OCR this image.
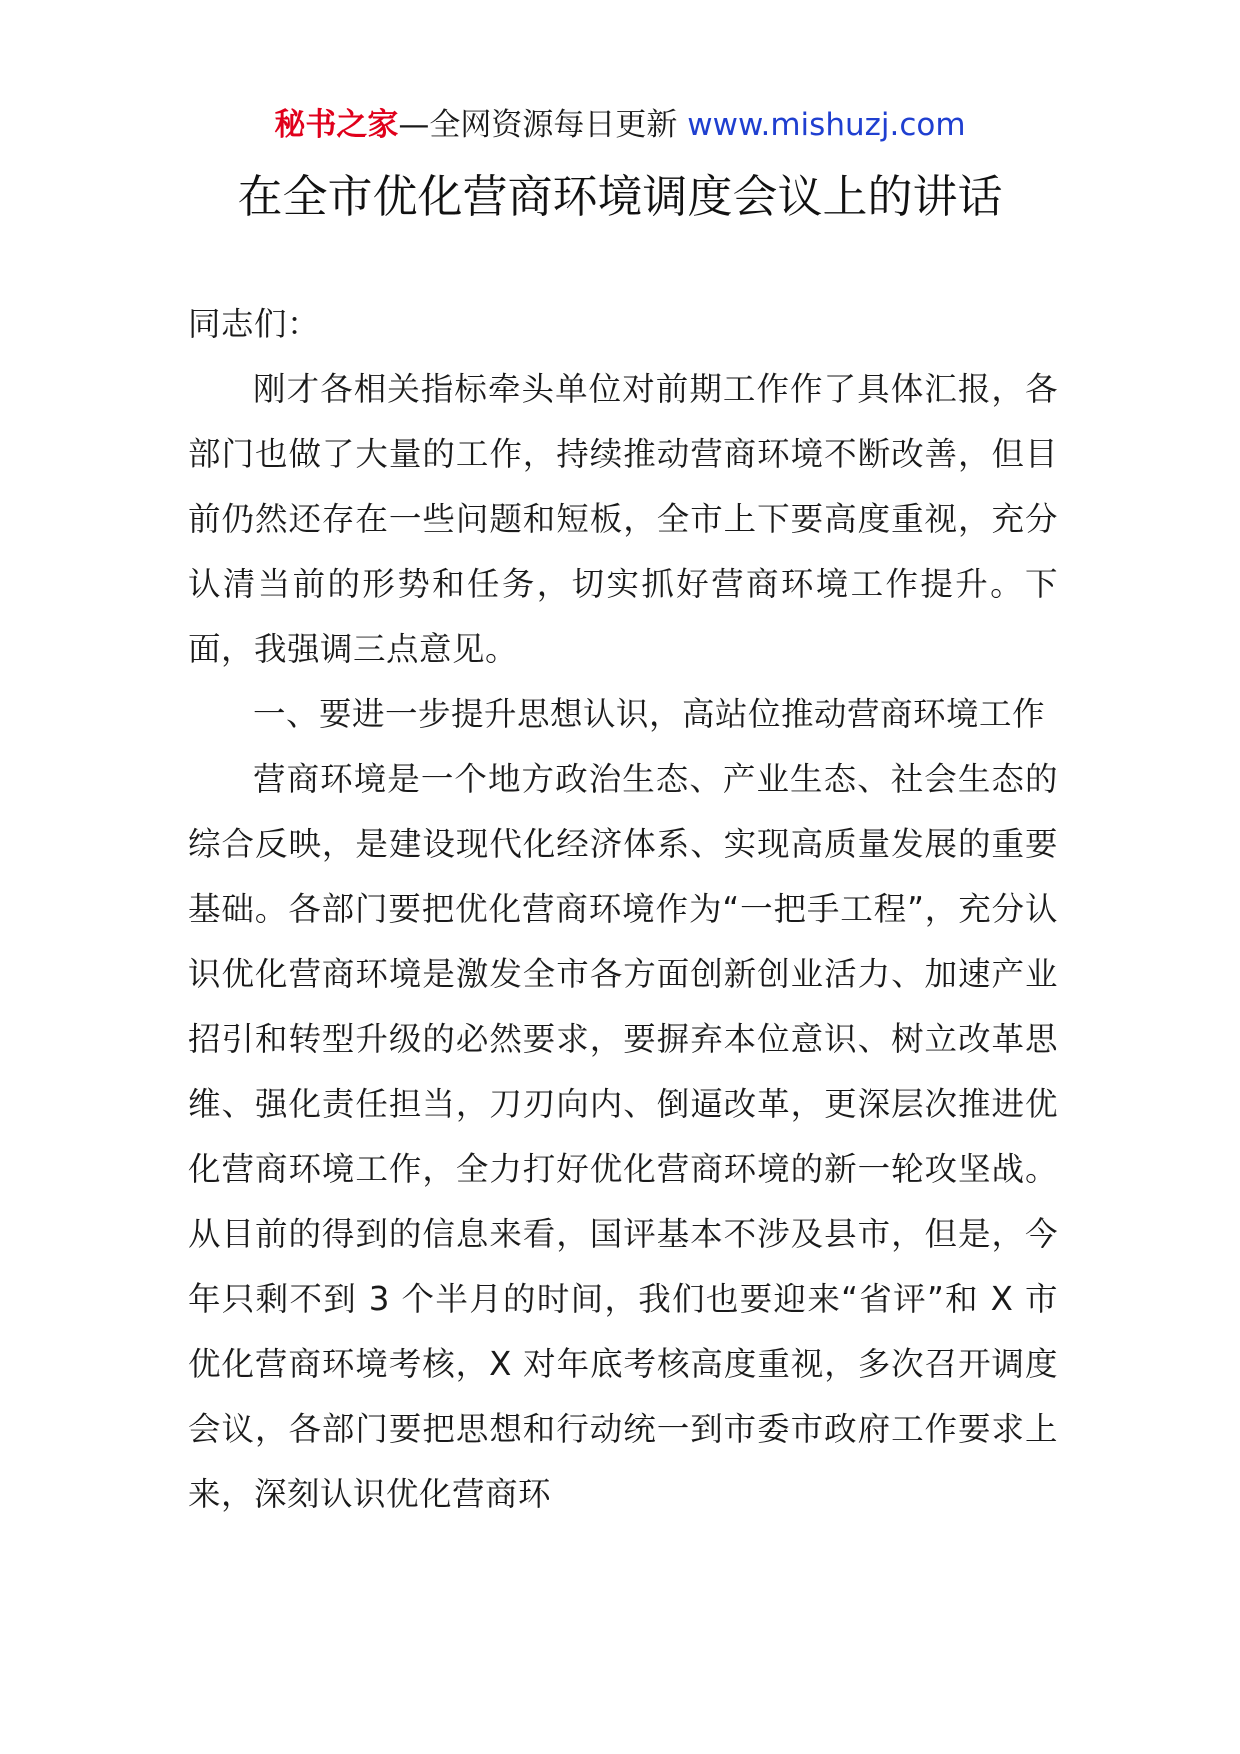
秘书之家—全网资源每日更新 www.mishuzj.com
在全市优化营商环境调度会议上的讲话

同志们：

刚才各相关指标牵头单位对前期工作作了具体汇报，各部门也做了大量的工作，持续推动营商环境不断改善，但目前仍然还存在一些问题和短板，全市上下要高度重视，充分认清当前的形势和任务，切实抓好营商环境工作提升。下面，我强调三点意见。

一、要进一步提升思想认识，高站位推动营商环境工作

营商环境是一个地方政治生态、产业生态、社会生态的综合反映，是建设现代化经济体系、实现高质量发展的重要基础。各部门要把优化营商环境作为“一把手工程”，充分认识优化营商环境是激发全市各方面创新创业活力、加速产业招引和转型升级的必然要求，要摒弃本位意识、树立改革思维、强化责任担当，刀刃向内、倒逼改革，更深层次推进优化营商环境工作，全力打好优化营商环境的新一轮攻坚战。从目前的得到的信息来看，国评基本不涉及县市，但是，今年只剩不到 3 个半月的时间，我们也要迎来“省评”和 X 市优化营商环境考核，X 对年底考核高度重视，多次召开调度会议，各部门要把思想和行动统一到市委市政府工作要求上来，深刻认识优化营商环
